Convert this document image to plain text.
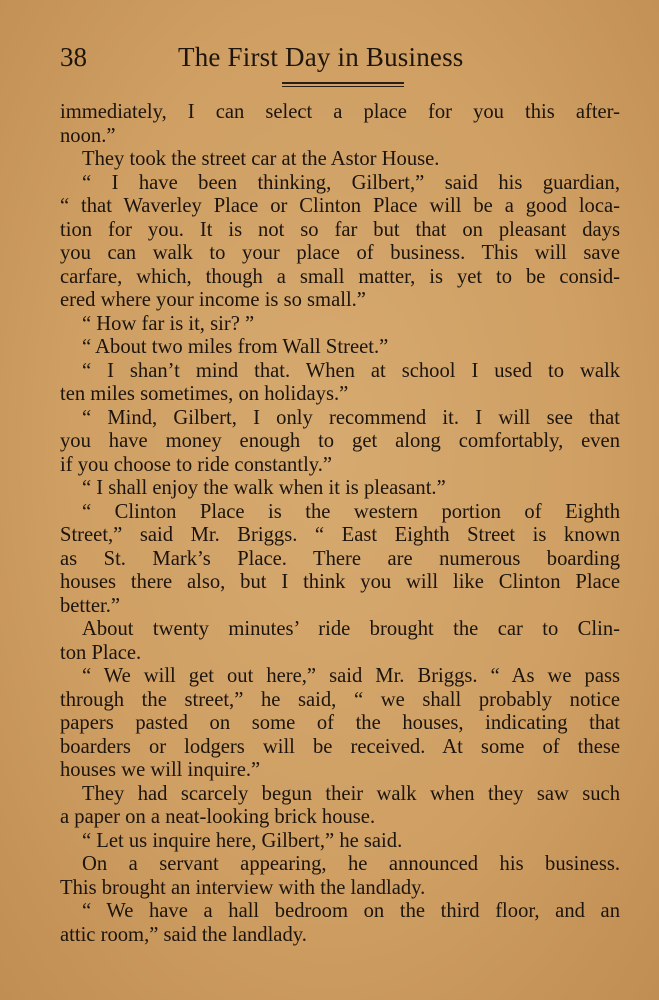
38	The First Day in Business
immediately, I can select a place for you this after-
noon.”
They took the street car at the Astor House.
“ I have been thinking, Gilbert,” said his guardian,
“ that Waverley Place or Clinton Place will be a good loca-
tion for you. It is not so far but that on pleasant days
you can walk to your place of business. This will save
carfare, which, though a small matter, is yet to be consid-
ered where your income is so small.”
“ How far is it, sir? ”
“ About two miles from Wall Street.”
“ I shan’t mind that. When at school I used to walk
ten miles sometimes, on holidays.”
“ Mind, Gilbert, I only recommend it. I will see that
you have money enough to get along comfortably, even
if you choose to ride constantly.”
“ I shall enjoy the walk when it is pleasant.”
“ Clinton Place is the western portion of Eighth
Street,” said Mr. Briggs. “ East Eighth Street is known
as St. Mark’s Place. There are numerous boarding
houses there also, but I think you will like Clinton Place
better.”
About twenty minutes’ ride brought the car to Clin-
ton Place.
“ We will get out here,” said Mr. Briggs. “ As we pass
through the street,” he said, “ we shall probably notice
papers pasted on some of the houses, indicating that
boarders or lodgers will be received. At some of these
houses we will inquire.”
They had scarcely begun their walk when they saw such
a paper on a neat-looking brick house.
“ Let us inquire here, Gilbert,” he said.
On a servant appearing, he announced his business.
This brought an interview with the landlady.
“ We have a hall bedroom on the third floor, and an
attic room,” said the landlady.
